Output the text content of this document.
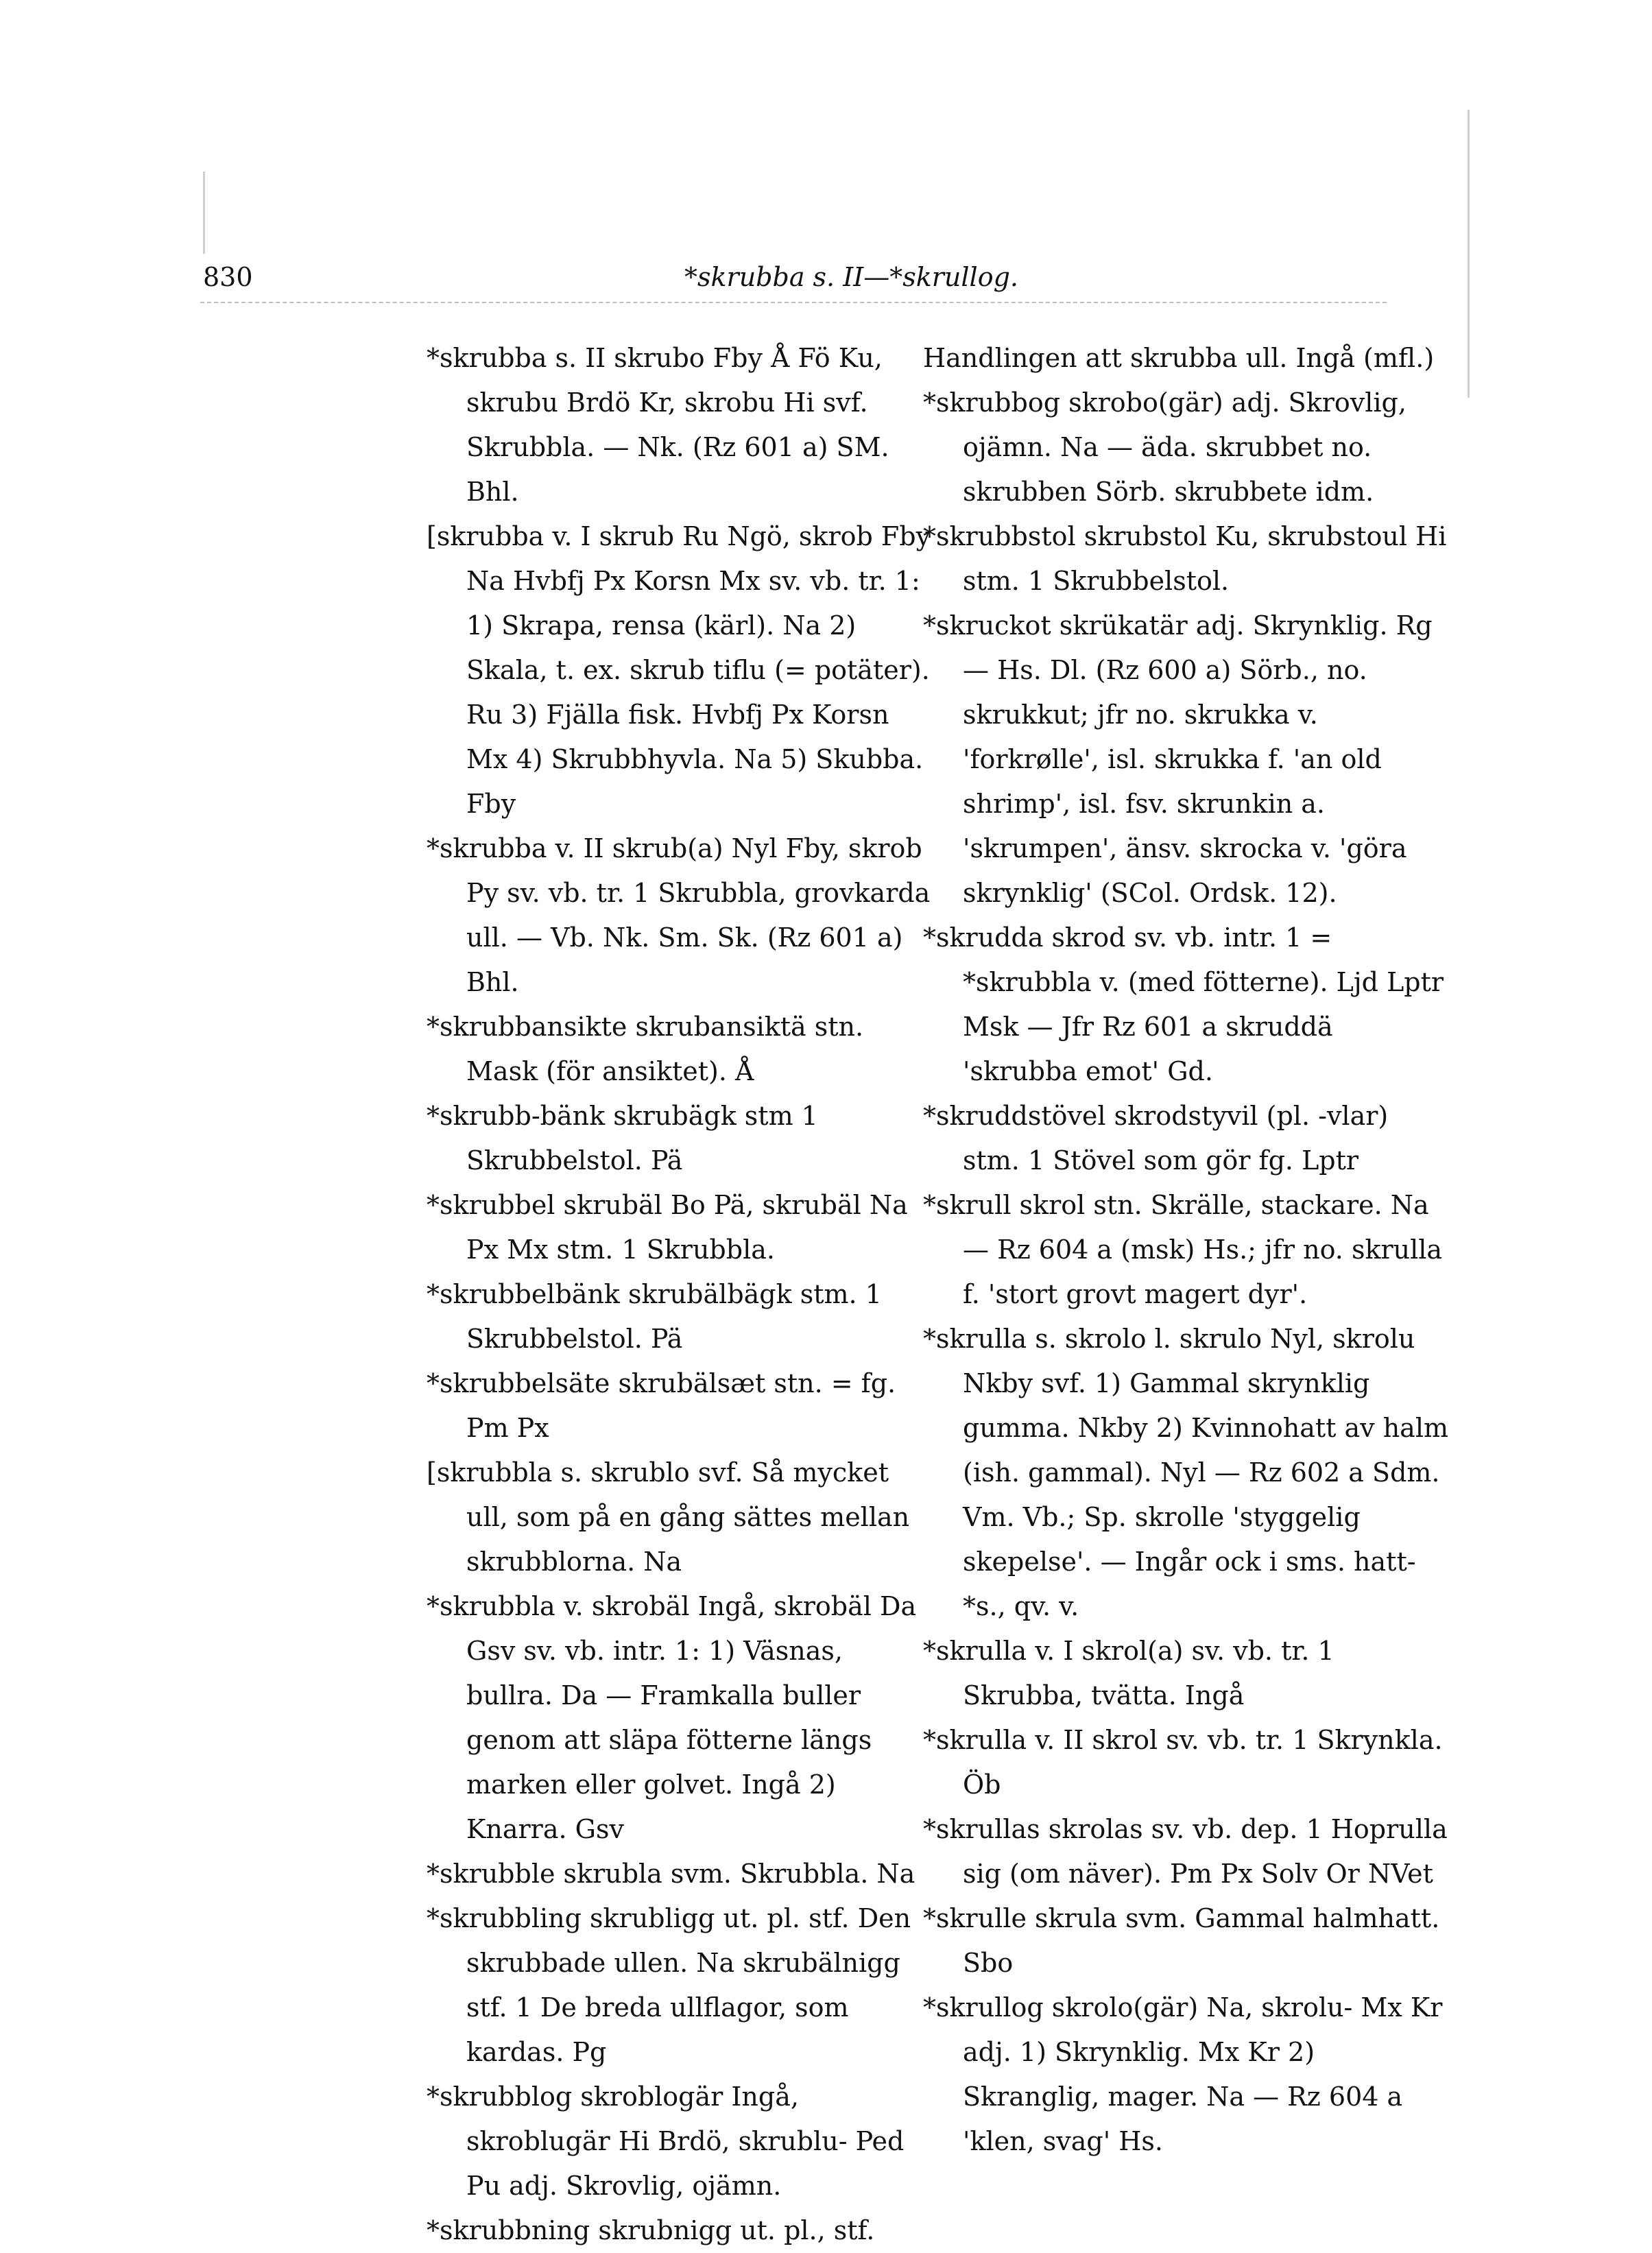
830	*skrubba s. II—*skrullog.

*skrubba s. II skrubo Fby Å Fö Ku, skrubu Brdö Kr, skrobu Hi svf. Skrubbla. — Nk. (Rz 601 a) SM. Bhl.

[skrubba v. I skrub Ru Ngö, skrob Fby Na Hvbfj Px Korsn Mx sv. vb. tr. 1: 1) Skrapa, rensa (kärl). Na 2) Skala, t. ex. skrub tiflu (= potäter). Ru 3) Fjälla fisk. Hvbfj Px Korsn Mx 4) Skrubbhyvla. Na 5) Skubba. Fby

*skrubba v. II skrub(a) Nyl Fby, skrob Py sv. vb. tr. 1 Skrubbla, grovkarda ull. — Vb. Nk. Sm. Sk. (Rz 601 a) Bhl.

*skrubbansikte skrubansiktä stn. Mask (för ansiktet). Å

*skrubb-bänk skrubägk stm 1 Skrubbelstol. Pä

*skrubbel skrubäl Bo Pä, skrubäl Na Px Mx stm. 1 Skrubbla.

*skrubbelbänk skrubälbägk stm. 1 Skrubbelstol. Pä

*skrubbelsäte skrubälsæt stn. = fg. Pm Px

[skrubbla s. skrublo svf. Så mycket ull, som på en gång sättes mellan skrubblorna. Na

*skrubbla v. skrobäl Ingå, skrobäl Da Gsv sv. vb. intr. 1: 1) Väsnas, bullra. Da — Framkalla buller genom att släpa fötterne längs marken eller golvet. Ingå 2) Knarra. Gsv

*skrubble skrubla svm. Skrubbla. Na

*skrubbling skrubligg ut. pl. stf. Den skrubbade ullen. Na skrubälnigg stf. 1 De breda ullflagor, som kardas. Pg

*skrubblog skroblogär Ingå, skroblugär Hi Brdö, skrublu- Ped Pu adj. Skrovlig, ojämn.

*skrubbning skrubnigg ut. pl., stf.

Handlingen att skrubba ull. Ingå (mfl.)

*skrubbog skrobo(gär) adj. Skrovlig, ojämn. Na — äda. skrubbet no. skrubben Sörb. skrubbete idm.

*skrubbstol skrubstol Ku, skrubstoul Hi stm. 1 Skrubbelstol.

*skruckot skrükatär adj. Skrynklig. Rg — Hs. Dl. (Rz 600 a) Sörb., no. skrukkut; jfr no. skrukka v. 'forkrølle', isl. skrukka f. 'an old shrimp', isl. fsv. skrunkin a. 'skrumpen', änsv. skrocka v. 'göra skrynklig' (SCol. Ordsk. 12).

*skrudda skrod sv. vb. intr. 1 = *skrubbla v. (med fötterne). Ljd Lptr Msk — Jfr Rz 601 a skruddä 'skrubba emot' Gd.

*skruddstövel skrodstyvil (pl. -vlar) stm. 1 Stövel som gör fg. Lptr

*skrull skrol stn. Skrälle, stackare. Na — Rz 604 a (msk) Hs.; jfr no. skrulla f. 'stort grovt magert dyr'.

*skrulla s. skrolo l. skrulo Nyl, skrolu Nkby svf. 1) Gammal skrynklig gumma. Nkby 2) Kvinnohatt av halm (ish. gammal). Nyl — Rz 602 a Sdm. Vm. Vb.; Sp. skrolle 'styggelig skepelse'. — Ingår ock i sms. hatt-*s., qv. v.

*skrulla v. I skrol(a) sv. vb. tr. 1 Skrubba, tvätta. Ingå

*skrulla v. II skrol sv. vb. tr. 1 Skrynkla. Öb

*skrullas skrolas sv. vb. dep. 1 Hoprulla sig (om näver). Pm Px Solv Or NVet

*skrulle skrula svm. Gammal halmhatt. Sbo

*skrullog skrolo(gär) Na, skrolu- Mx Kr adj. 1) Skrynklig. Mx Kr 2) Skranglig, mager. Na — Rz 604 a 'klen, svag' Hs.
